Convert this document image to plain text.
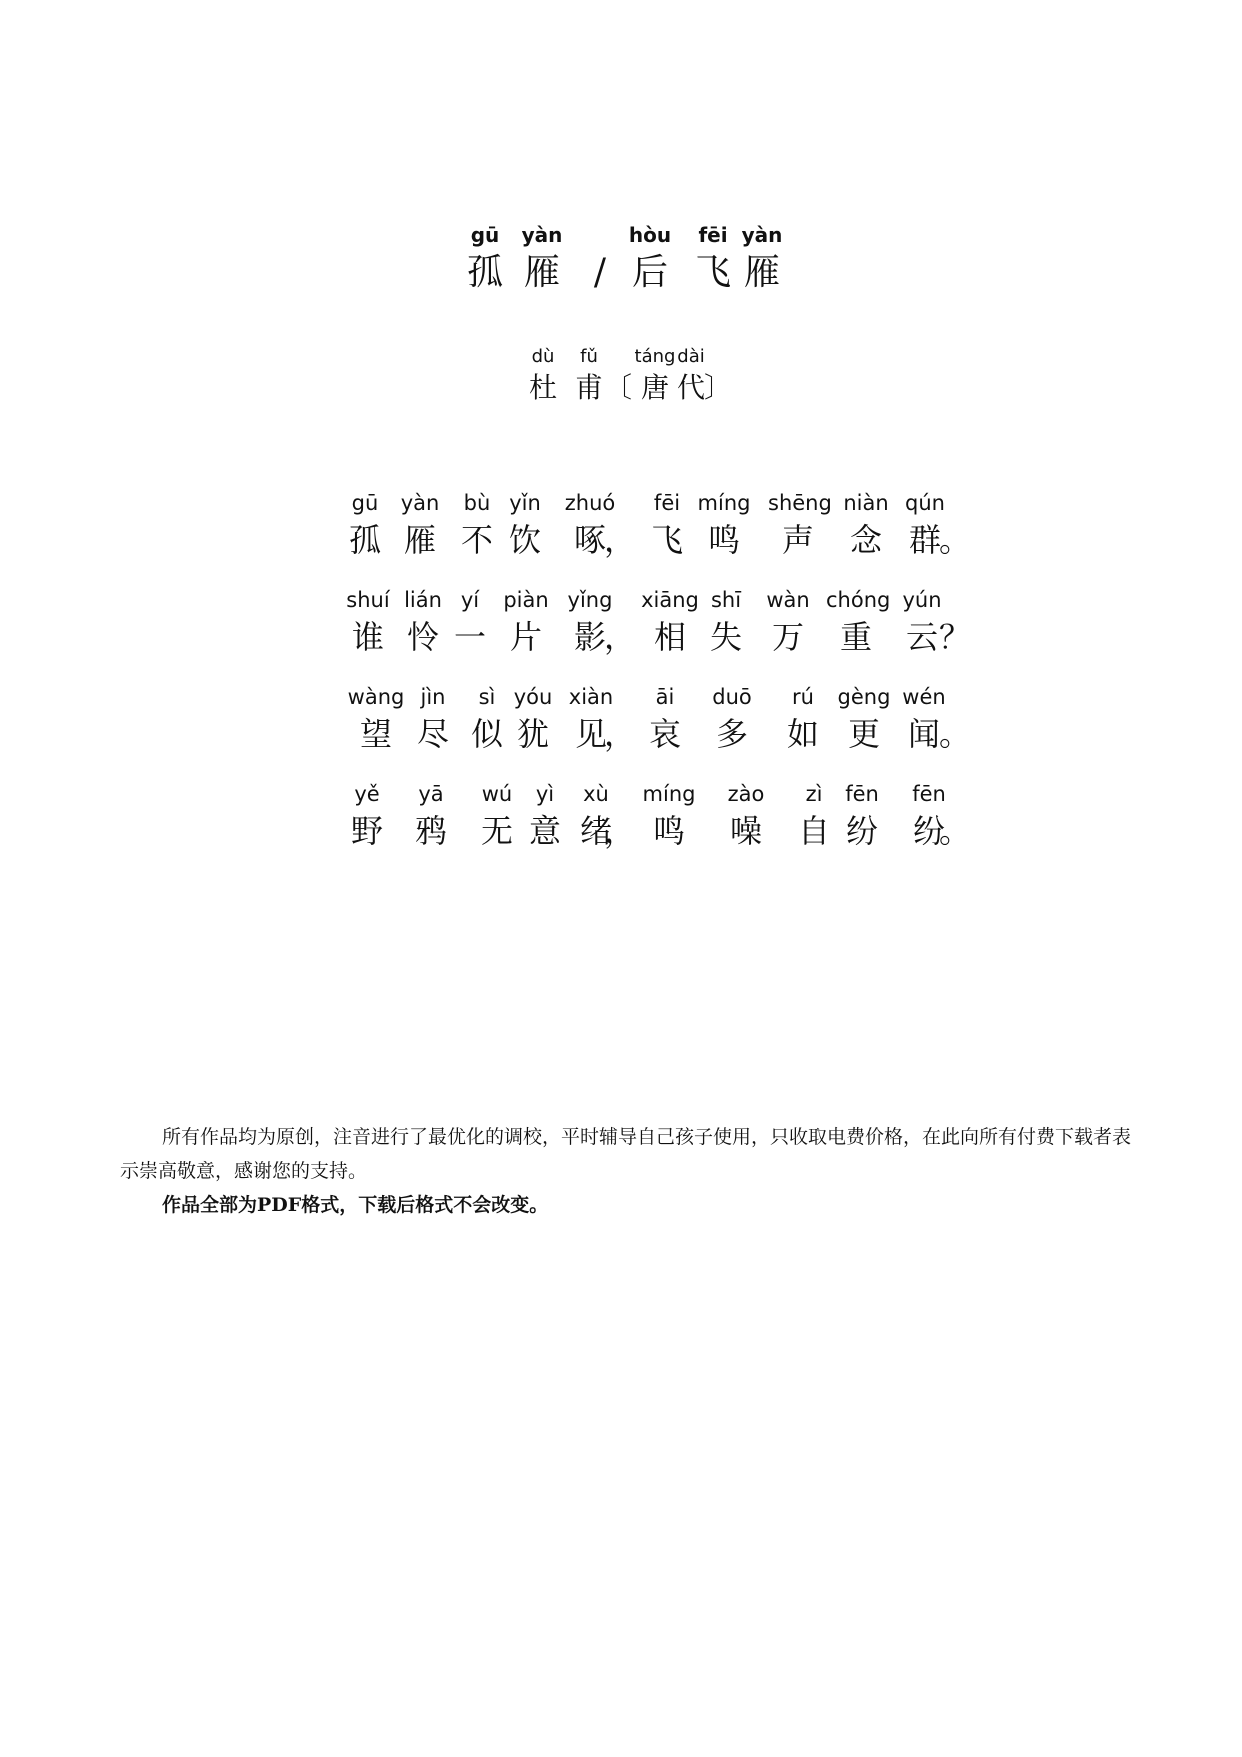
gū
孤
yàn
雁 /
hòu
后
fēi
飞
yàn
雁
dù
杜
fǔ
甫 〔
táng
唐
dài
代
〕
gū
孤
yàn
雁
bù
不
yǐn
饮
zhuó
啄
，
fēi
飞
míng
鸣
shēng
声
niàn
念
qún
群
。
shuí
谁
lián
怜
yí
一
piàn
片
yǐng
影
，
xiāng
相
shī
失
wàn
万
chóng
重
yún
云 ？
wàng
望
jìn
尽
sì
似
yóu
犹
xiàn
见
，
āi
哀
duō
多
rú
如
gèng
更
wén
闻
。
yě
野
yā
鸦
wú
无
yì
意
xù
绪
，
míng
鸣
zào
噪
zì
自
fēn
纷
fēn
纷
。

所有作品均为原创，注音进行了最优化的调校，平时辅导自己孩子使用，只收取电费价格，在此向所有付费下载者表示崇高敬意，感谢您的支持。

作品全部为PDF格式，下载后格式不会改变。
